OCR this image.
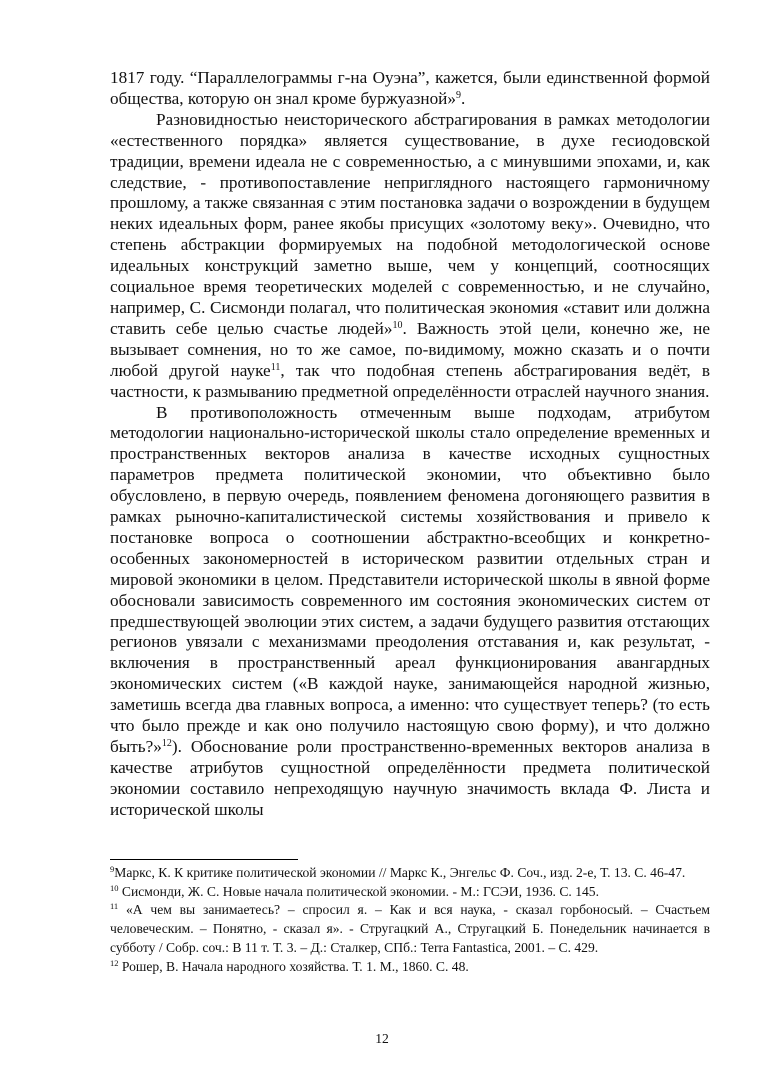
1817 году. “Параллелограммы г-на Оуэна”, кажется, были единственной формой общества, которую он знал кроме буржуазной»$^9$.

Разновидностью неисторического абстрагирования в рамках методологии «естественного порядка» является существование, в духе гесиодовской традиции, времени идеала не с современностью, а с минувшими эпохами, и, как следствие, - противопоставление неприглядного настоящего гармоничному прошлому, а также связанная с этим постановка задачи о возрождении в будущем неких идеальных форм, ранее якобы присущих «золотому веку». Очевидно, что степень абстракции формируемых на подобной методологической основе идеальных конструкций заметно выше, чем у концепций, соотносящих социальное время теоретических моделей с современностью, и не случайно, например, С. Сисмонди полагал, что политическая экономия «ставит или должна ставить себе целью счастье людей»$^{10}$. Важность этой цели, конечно же, не вызывает сомнения, но то же самое, по-видимому, можно сказать и о почти любой другой науке$^{11}$, так что подобная степень абстрагирования ведёт, в частности, к размыванию предметной определённости отраслей научного знания.

В противоположность отмеченным выше подходам, атрибутом методологии национально-исторической школы стало определение временных и пространственных векторов анализа в качестве исходных сущностных параметров предмета политической экономии, что объективно было обусловлено, в первую очередь, появлением феномена догоняющего развития в рамках рыночно-капиталистической системы хозяйствования и привело к постановке вопроса о соотношении абстрактно-всеобщих и конкретно-особенных закономерностей в историческом развитии отдельных стран и мировой экономики в целом. Представители исторической школы в явной форме обосновали зависимость современного им состояния экономических систем от предшествующей эволюции этих систем, а задачи будущего развития отстающих регионов увязали с механизмами преодоления отставания и, как результат, - включения в пространственный ареал функционирования авангардных экономических систем («В каждой науке, занимающейся народной жизнью, заметишь всегда два главных вопроса, а именно: что существует теперь? (то есть что было прежде и как оно получило настоящую свою форму), и что должно быть?»$^{12}$). Обоснование роли пространственно-временных векторов анализа в качестве атрибутов сущностной определённости предмета политической экономии составило непреходящую научную значимость вклада Ф. Листа и исторической школы

$^9$Маркс, К. К критике политической экономии // Маркс К., Энгельс Ф. Соч., изд. 2-е, Т. 13. С. 46-47.

$^{10}$ Сисмонди, Ж. С. Новые начала политической экономии. - М.: ГСЭИ, 1936. С. 145.

$^{11}$ «А чем вы занимаетесь? – спросил я. – Как и вся наука, - сказал горбоносый. – Счастьем человеческим. – Понятно, - сказал я». - Стругацкий А., Стругацкий Б. Понедельник начинается в субботу / Собр. соч.: В 11 т. Т. 3. – Д.: Сталкер, СПб.: Terra Fantastica, 2001. – С. 429.

$^{12}$ Рошер, В. Начала народного хозяйства. Т. 1. М., 1860. С. 48.

12
